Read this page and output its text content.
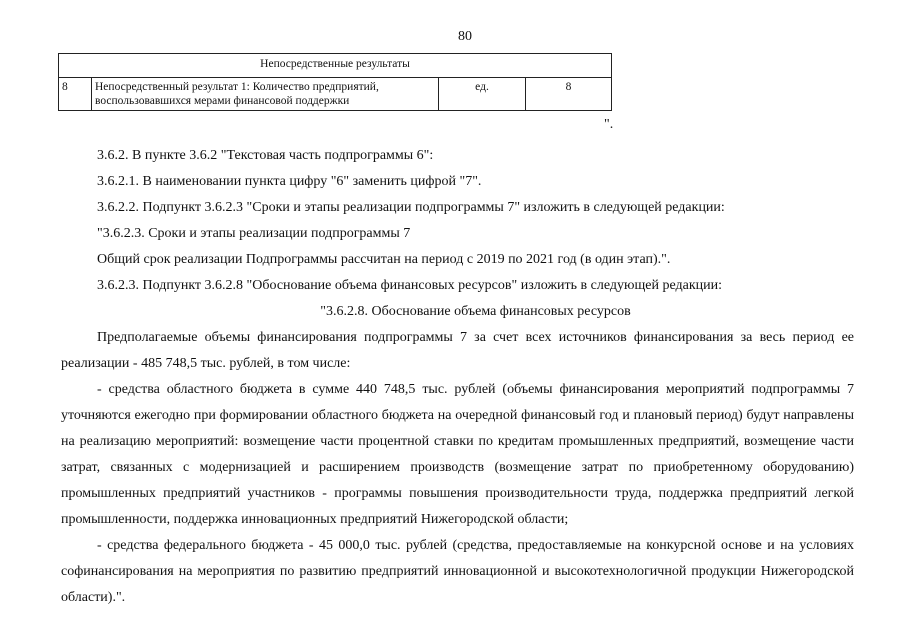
80
Непосредственные результаты
8	Непосредственный результат 1: Количество предприятий, воспользовавшихся мерами финансовой поддержки	ед.	8
".

3.6.2. В пункте 3.6.2 "Текстовая часть подпрограммы 6":

3.6.2.1. В наименовании пункта цифру "6" заменить цифрой "7".

3.6.2.2. Подпункт 3.6.2.3 "Сроки и этапы реализации подпрограммы 7" изложить в следующей редакции:

"3.6.2.3. Сроки и этапы реализации подпрограммы 7

Общий срок реализации Подпрограммы рассчитан на период с 2019 по 2021 год (в один этап).".

3.6.2.3. Подпункт 3.6.2.8 "Обоснование объема финансовых ресурсов" изложить в следующей редакции:

"3.6.2.8. Обоснование объема финансовых ресурсов

Предполагаемые объемы финансирования подпрограммы 7 за счет всех источников финансирования за весь период ее реализации - 485 748,5 тыс. рублей, в том числе:

- средства областного бюджета в сумме 440 748,5 тыс. рублей (объемы финансирования мероприятий подпрограммы 7 уточняются ежегодно при формировании областного бюджета на очередной финансовый год и плановый период) будут направлены на реализацию мероприятий: возмещение части процентной ставки по кредитам промышленных предприятий, возмещение части затрат, связанных с модернизацией и расширением производств (возмещение затрат по приобретенному оборудованию) промышленных предприятий участников - программы повышения производительности труда, поддержка предприятий легкой промышленности, поддержка инновационных предприятий Нижегородской области;

- средства федерального бюджета - 45 000,0 тыс. рублей (средства, предоставляемые на конкурсной основе и на условиях софинансирования на мероприятия по развитию предприятий инновационной и высокотехнологичной продукции Нижегородской области).".
